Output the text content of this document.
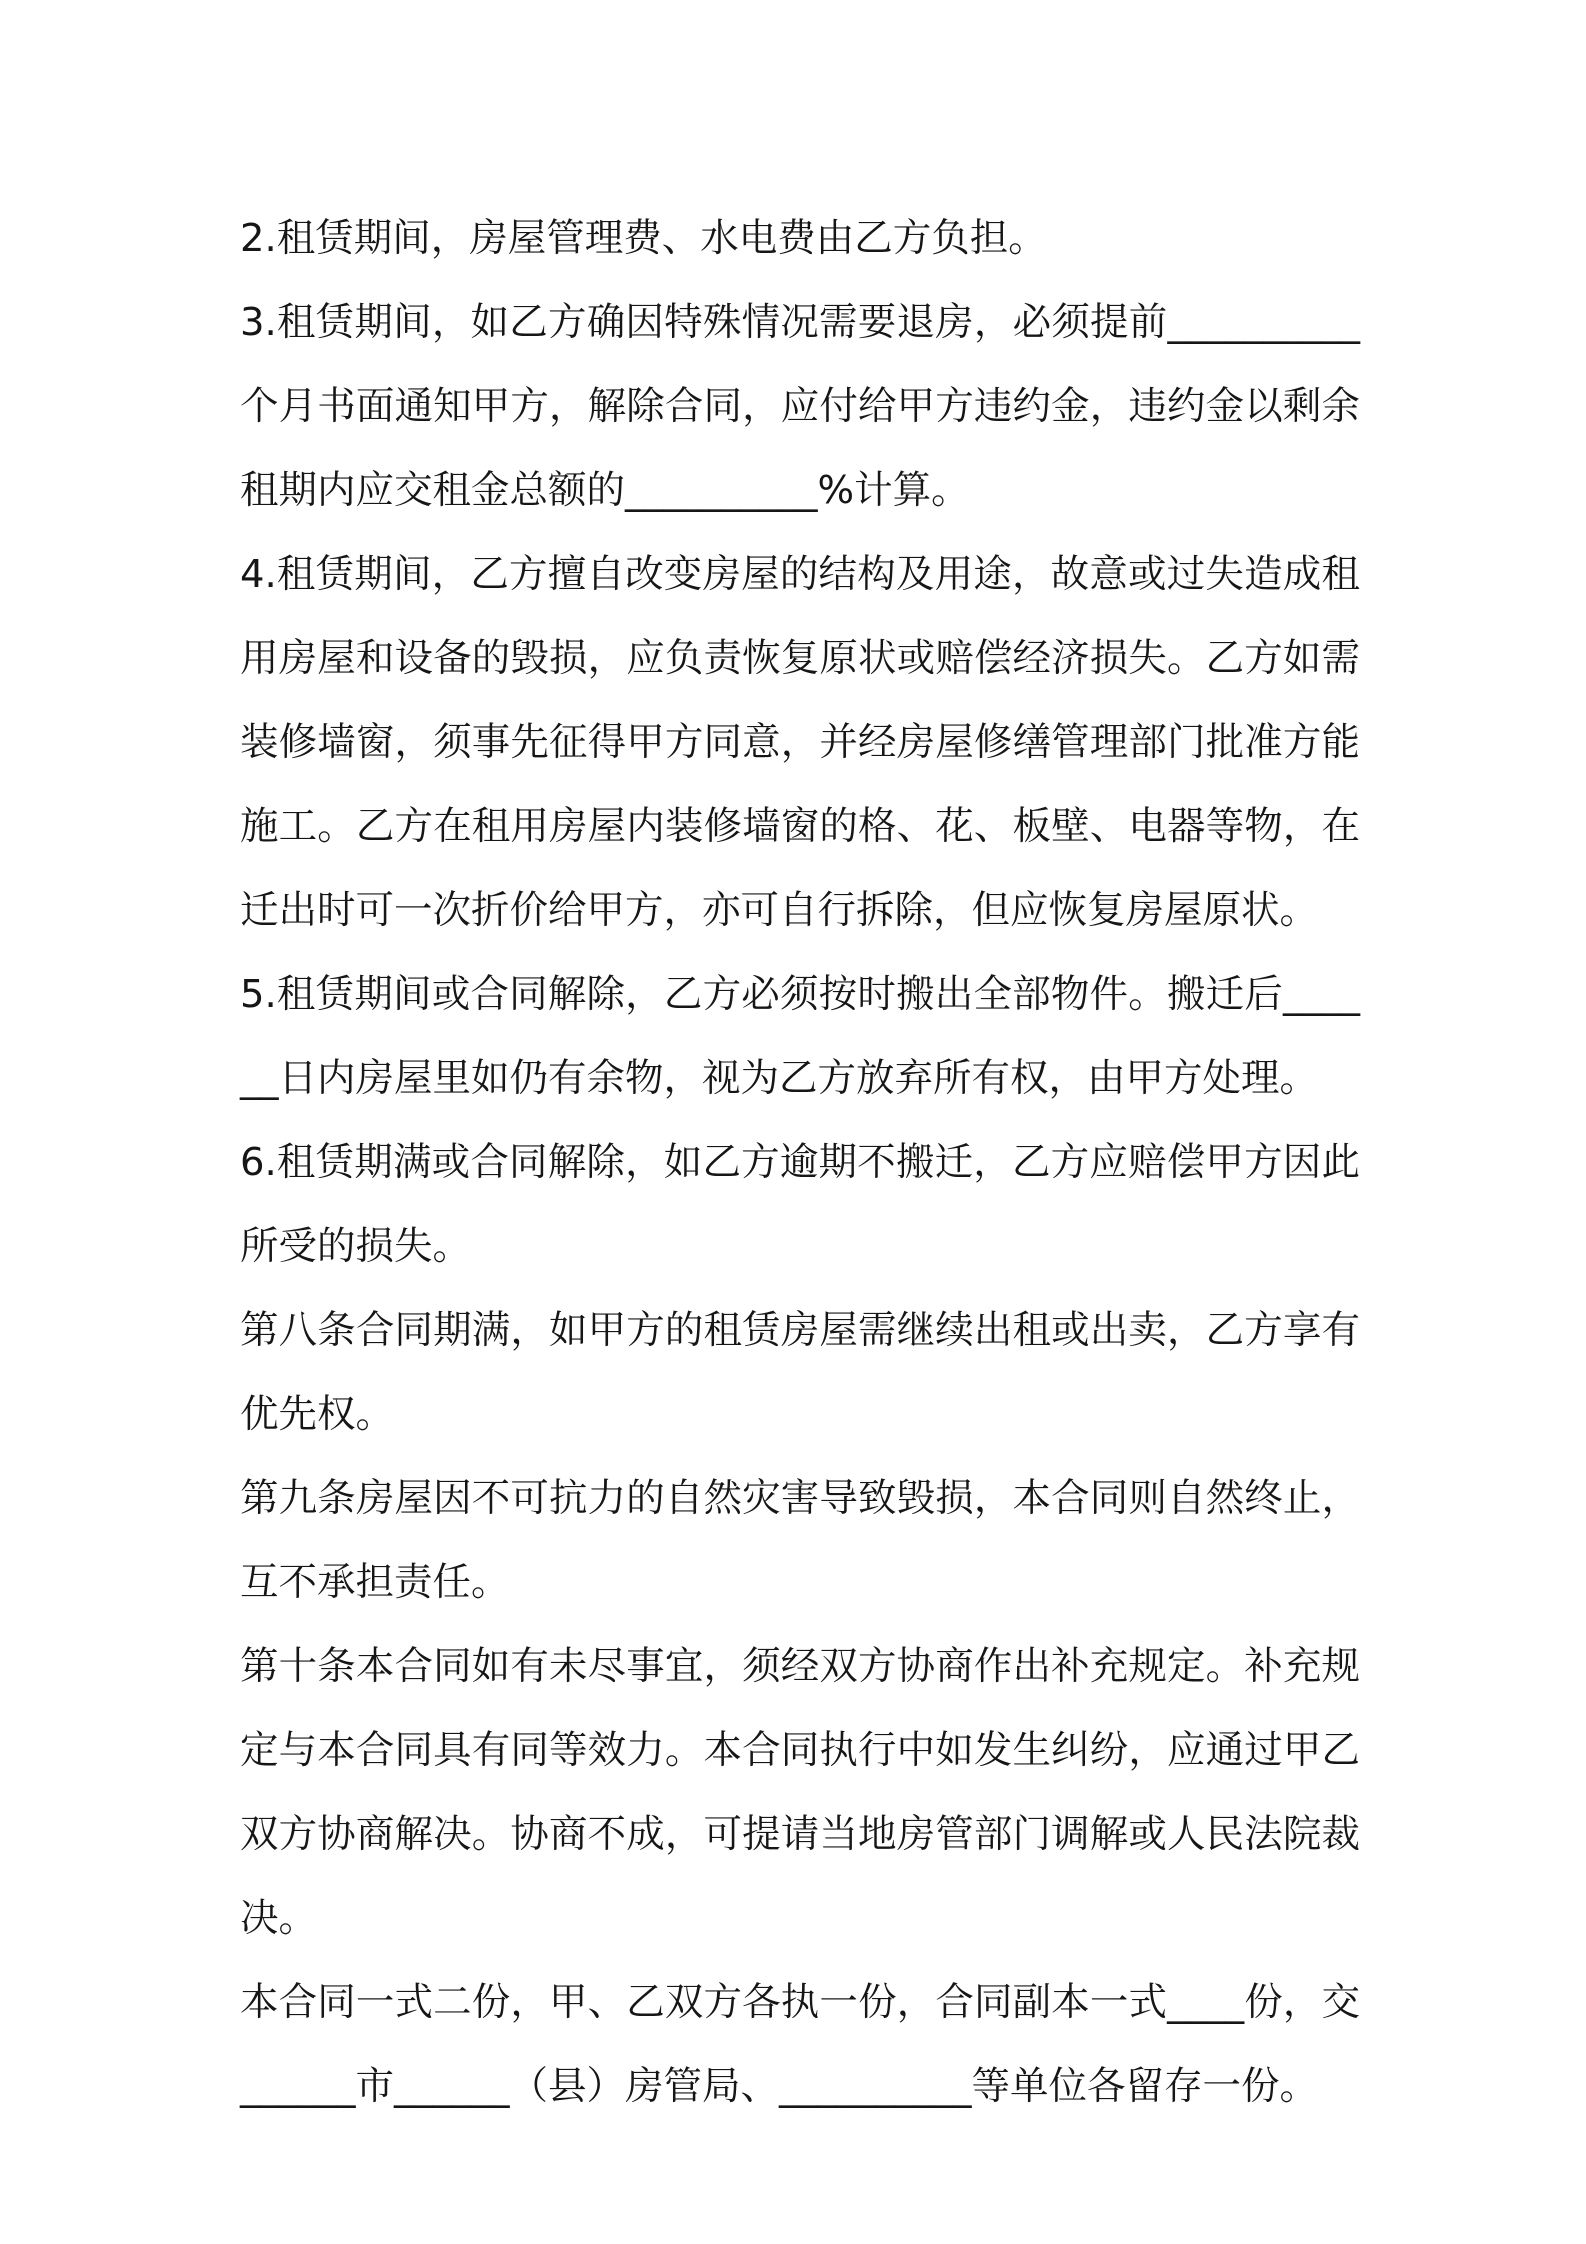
2.租赁期间，房屋管理费、水电费由乙方负担。

3.租赁期间，如乙方确因特殊情况需要退房，必须提前__________个月书面通知甲方，解除合同，应付给甲方违约金，违约金以剩余租期内应交租金总额的__________%计算。

4.租赁期间，乙方擅自改变房屋的结构及用途，故意或过失造成租用房屋和设备的毁损，应负责恢复原状或赔偿经济损失。乙方如需装修墙窗，须事先征得甲方同意，并经房屋修缮管理部门批准方能施工。乙方在租用房屋内装修墙窗的格、花、板壁、电器等物，在迁出时可一次折价给甲方，亦可自行拆除，但应恢复房屋原状。

5.租赁期间或合同解除，乙方必须按时搬出全部物件。搬迁后______日内房屋里如仍有余物，视为乙方放弃所有权，由甲方处理。

6.租赁期满或合同解除，如乙方逾期不搬迁，乙方应赔偿甲方因此所受的损失。

第八条合同期满，如甲方的租赁房屋需继续出租或出卖，乙方享有优先权。

第九条房屋因不可抗力的自然灾害导致毁损，本合同则自然终止，互不承担责任。

第十条本合同如有未尽事宜，须经双方协商作出补充规定。补充规定与本合同具有同等效力。本合同执行中如发生纠纷，应通过甲乙双方协商解决。协商不成，可提请当地房管部门调解或人民法院裁决。

本合同一式二份，甲、乙双方各执一份，合同副本一式____份，交______市______（县）房管局、__________等单位各留存一份。
